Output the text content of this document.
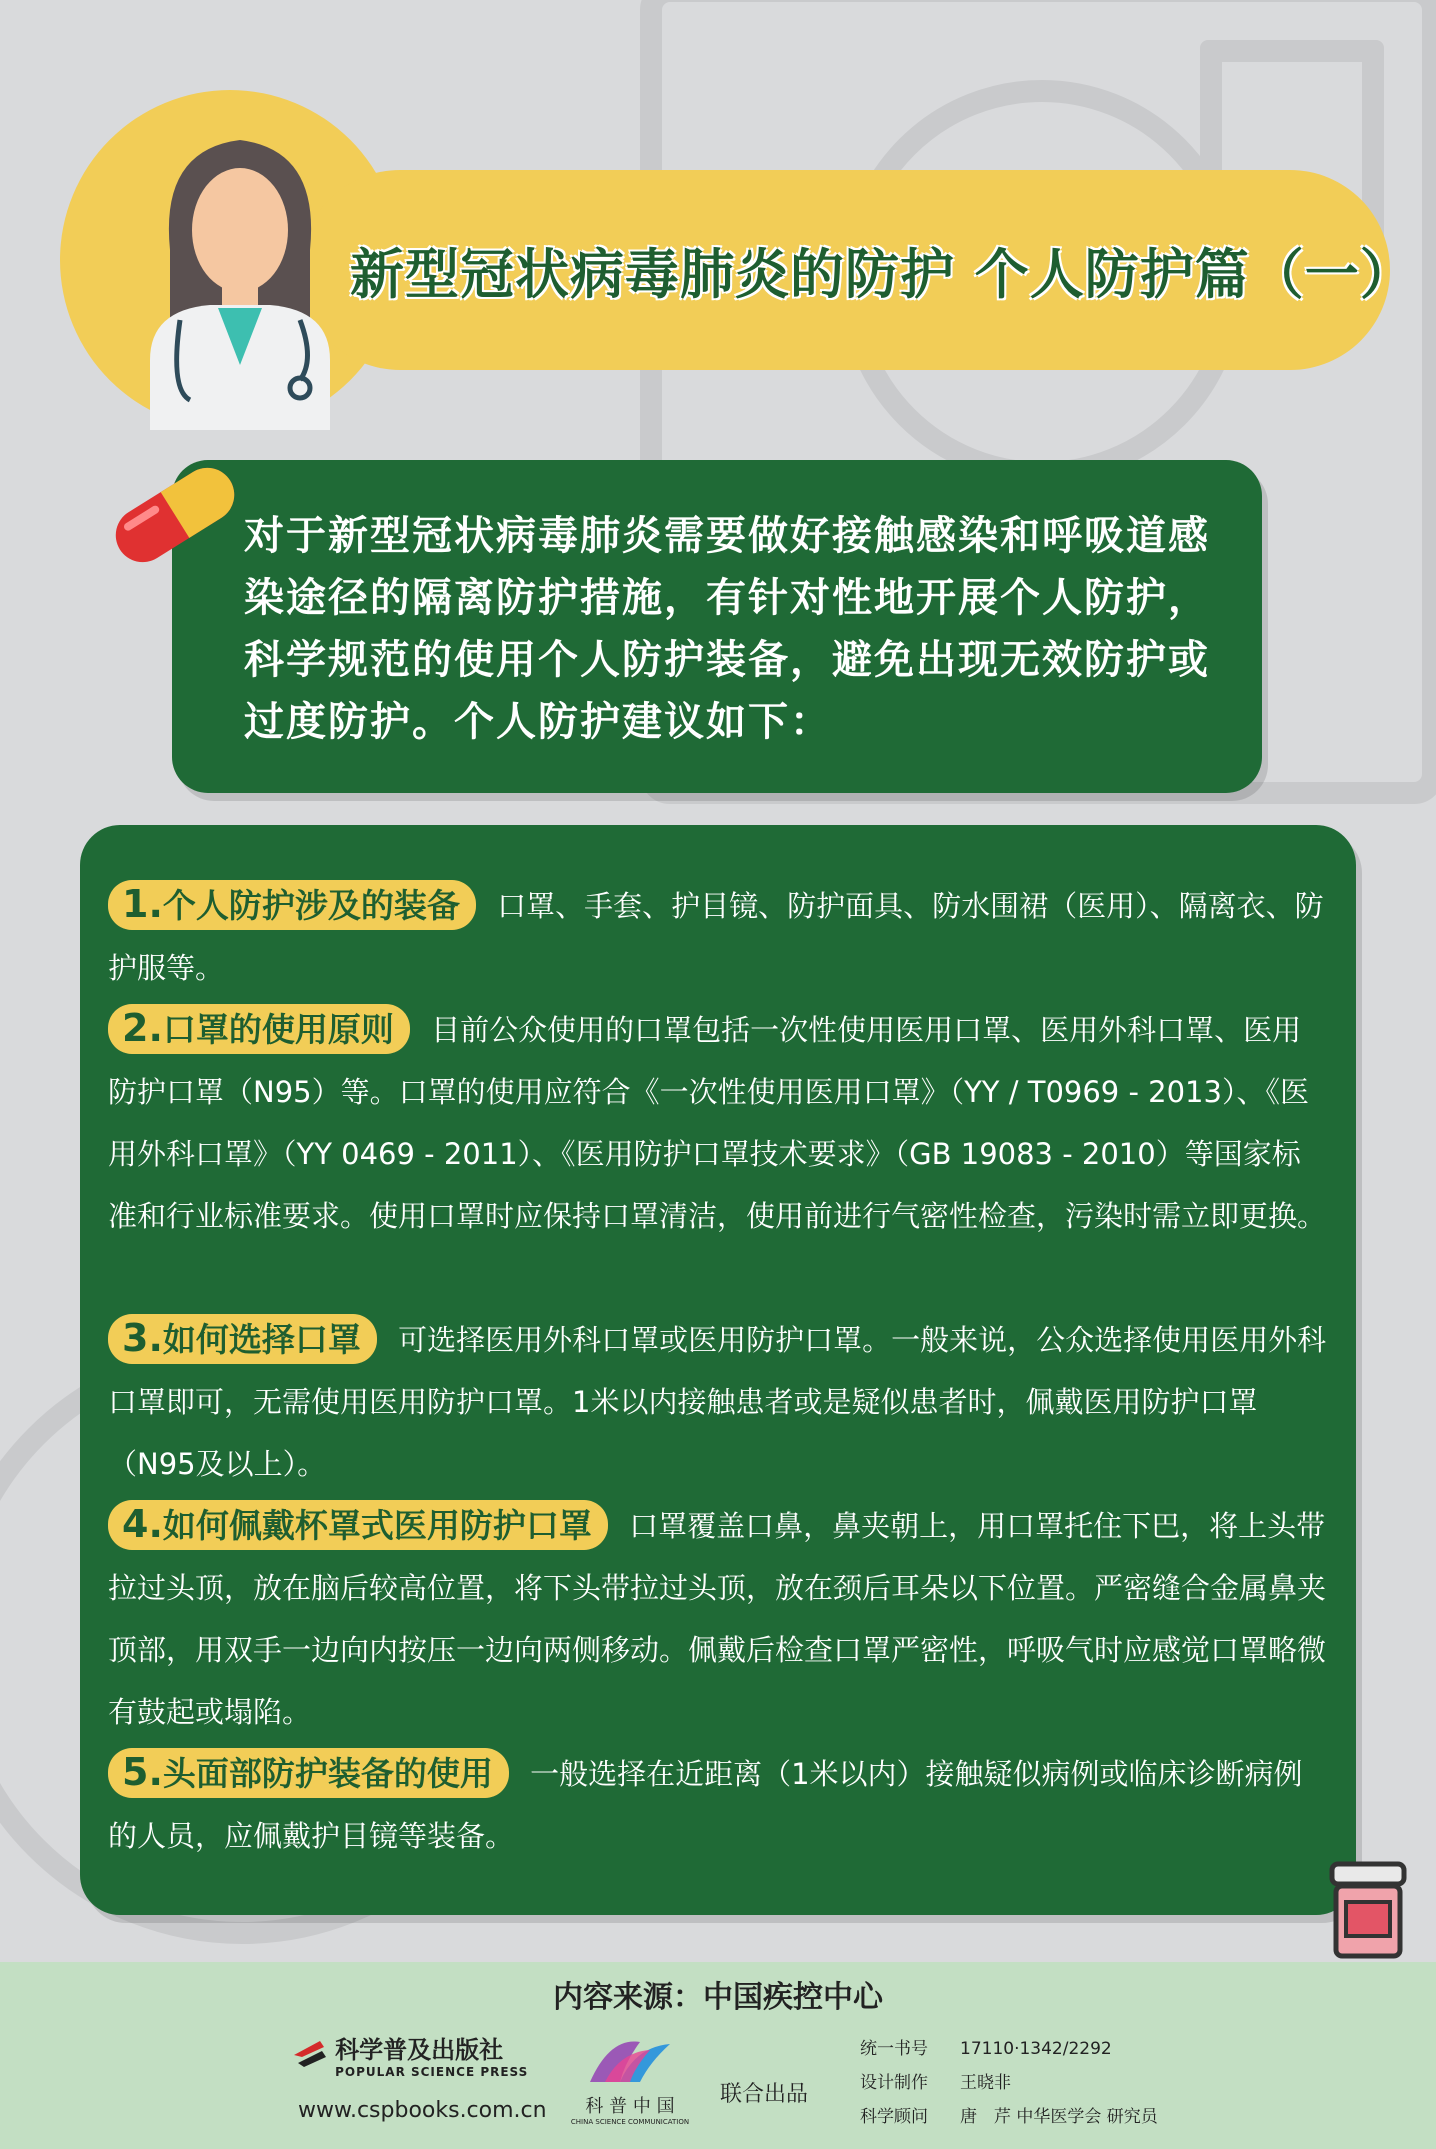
新型冠状病毒肺炎的防护 个人防护篇（一）
对于新型冠状病毒肺炎需要做好接触感染和呼吸道感染途径的隔离防护措施，有针对性地开展个人防护，科学规范的使用个人防护装备，避免出现无效防护或过度防护。个人防护建议如下：
1.个人防护涉及的装备 口罩、手套、护目镜、防护面具、防水围裙（医用）、隔离衣、防护服等。
2.口罩的使用原则 目前公众使用的口罩包括一次性使用医用口罩、医用外科口罩、医用防护口罩（N95）等。口罩的使用应符合《一次性使用医用口罩》（YY / T0969 - 2013）、《医用外科口罩》（YY 0469 - 2011）、《医用防护口罩技术要求》（GB 19083 - 2010）等国家标准和行业标准要求。使用口罩时应保持口罩清洁，使用前进行气密性检查，污染时需立即更换。
3.如何选择口罩 可选择医用外科口罩或医用防护口罩。一般来说，公众选择使用医用外科口罩即可，无需使用医用防护口罩。1米以内接触患者或是疑似患者时，佩戴医用防护口罩（N95及以上）。
4.如何佩戴杯罩式医用防护口罩 口罩覆盖口鼻，鼻夹朝上，用口罩托住下巴，将上头带拉过头顶，放在脑后较高位置，将下头带拉过头顶，放在颈后耳朵以下位置。严密缝合金属鼻夹顶部，用双手一边向内按压一边向两侧移动。佩戴后检查口罩严密性，呼吸气时应感觉口罩略微有鼓起或塌陷。
5.头面部防护装备的使用 一般选择在近距离（1米以内）接触疑似病例或临床诊断病例的人员，应佩戴护目镜等装备。
内容来源：中国疾控中心

科学普及出版社
POPULAR SCIENCE PRESS
www.cspbooks.com.cn	科 普 中 国
CHINA SCIENCE COMMUNICATION
联合出品
统一书号 17110·1342/2292
设计制作 王晓非
科学顾问 唐　芹 中华医学会 研究员
